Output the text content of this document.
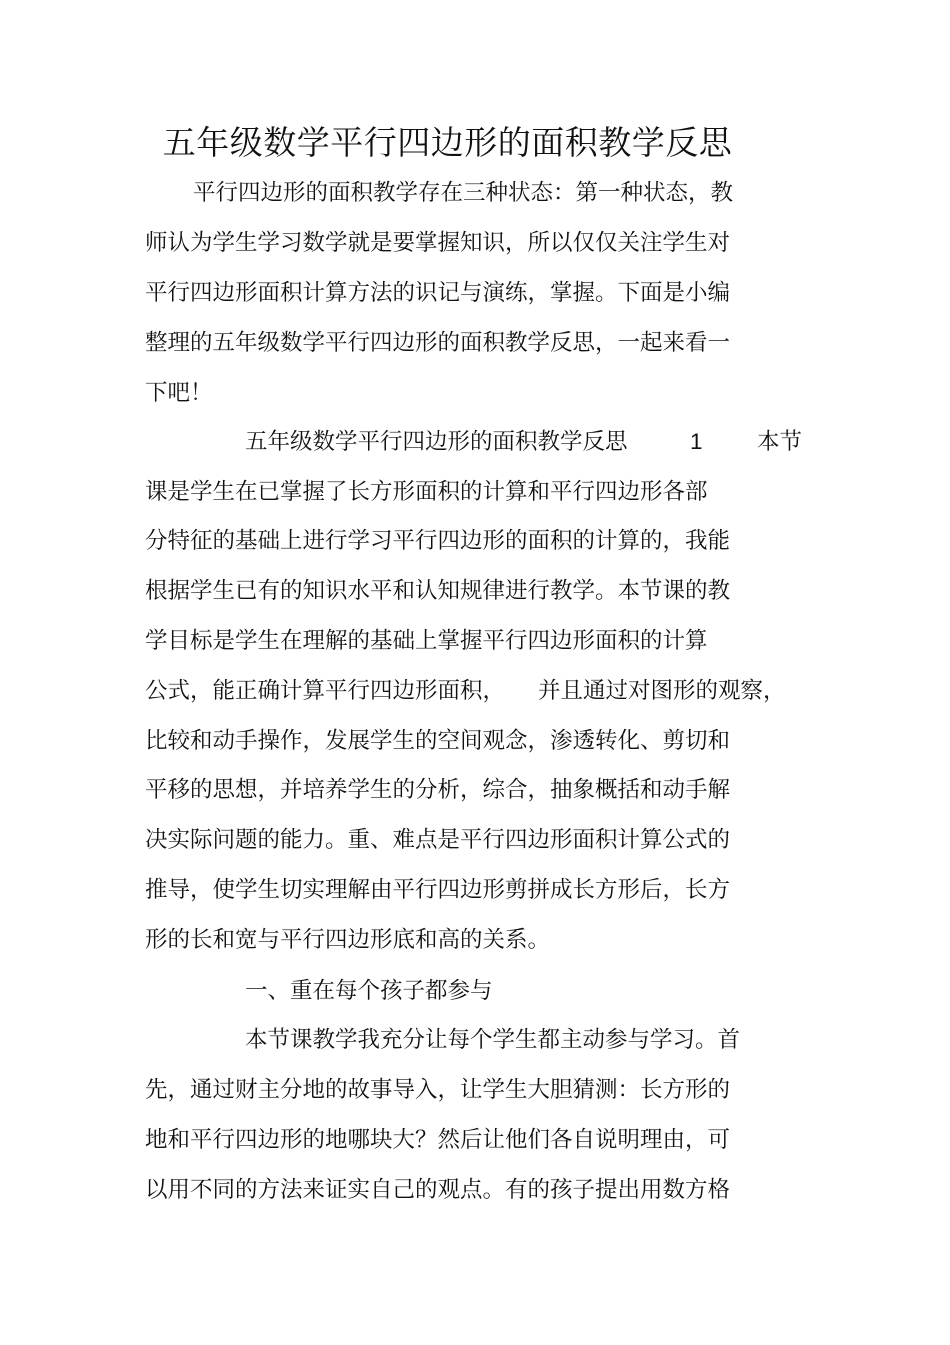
五年级数学平行四边形的面积教学反思
平行四边形的面积教学存在三种状态：第一种状态，教
师认为学生学习数学就是要掌握知识，所以仅仅关注学生对
平行四边形面积计算方法的识记与演练，掌握。下面是小编
整理的五年级数学平行四边形的面积教学反思，一起来看一
下吧！
五年级数学平行四边形的面积教学反思	1 本节
课是学生在已掌握了长方形面积的计算和平行四边形各部
分特征的基础上进行学习平行四边形的面积的计算的，我能
根据学生已有的知识水平和认知规律进行教学。本节课的教
学目标是学生在理解的基础上掌握平行四边形面积的计算
公式，能正确计算平行四边形面积， 并且通过对图形的观察，
比较和动手操作，发展学生的空间观念，渗透转化、剪切和
平移的思想，并培养学生的分析，综合，抽象概括和动手解
决实际问题的能力。重、难点是平行四边形面积计算公式的
推导，使学生切实理解由平行四边形剪拼成长方形后，长方
形的长和宽与平行四边形底和高的关系。
一、重在每个孩子都参与
本节课教学我充分让每个学生都主动参与学习。首
先，通过财主分地的故事导入，让学生大胆猜测：长方形的
地和平行四边形的地哪块大？然后让他们各自说明理由，可
以用不同的方法来证实自己的观点。有的孩子提出用数方格
